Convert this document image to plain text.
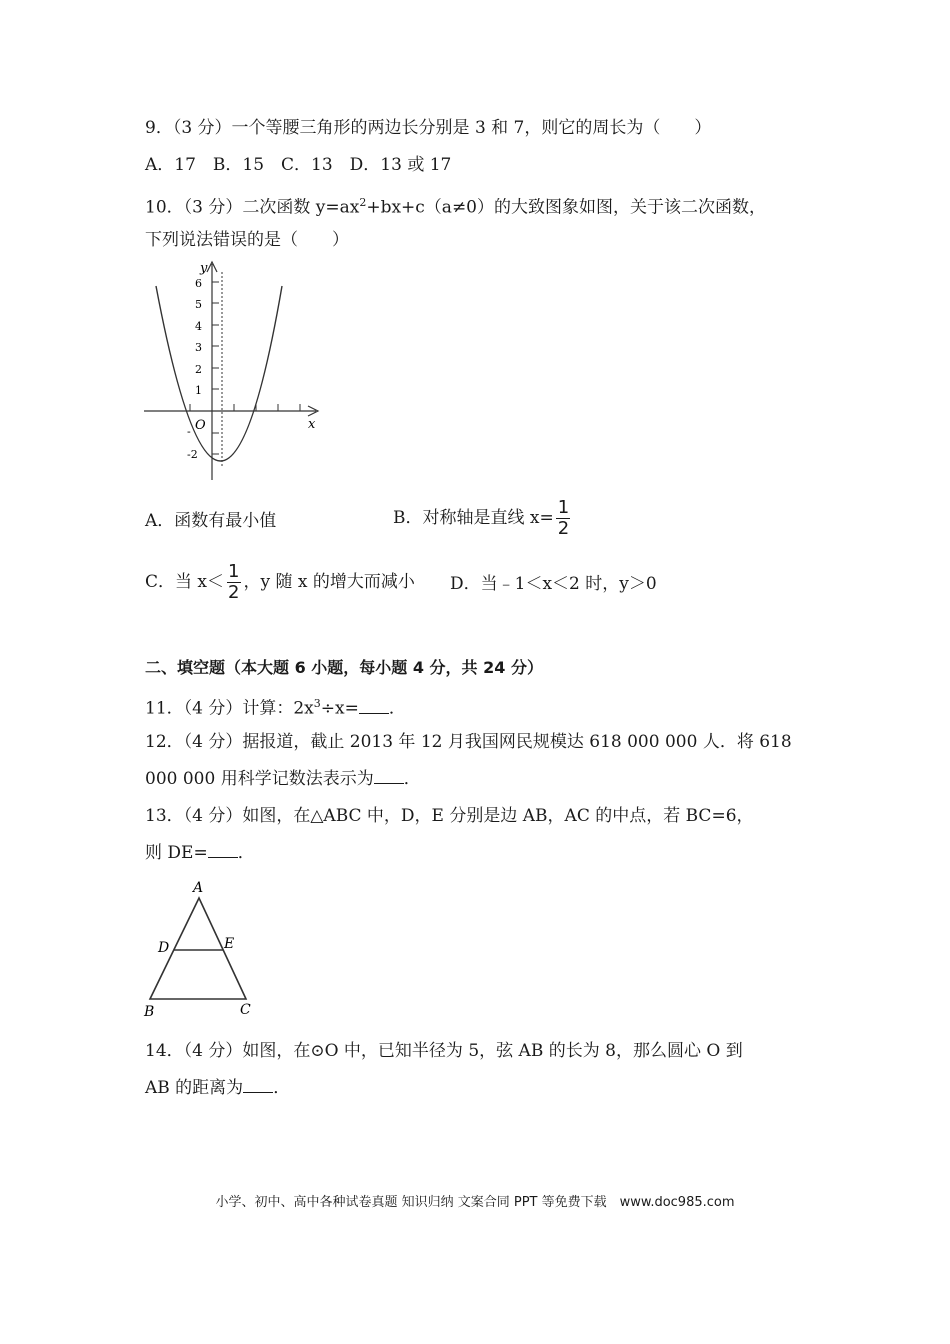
9．（3 分）一个等腰三角形的两边长分别是 3 和 7，则它的周长为（　　）
A．17　B．15　C．13　D．13 或 17
10．（3 分）二次函数 $y=ax^2+bx+c(a\ne 0)$的大致图象如图，关于该二次函数，
下列说法错误的是（　　）
6
5
4
3
2
1
-2
y
x
O
-
A．函数有最小值	B．对称轴是直线 $x= \frac{1}{2}$
C．当 $x< \frac{1}{2}$ ，y 随 x 的增大而减小 D．当﹣1＜x＜2 时，y＞0
二、填空题（本大题 6 小题，每小题 4 分，共 24 分）
11．（4 分）计算：$2x^3\div x=$ ．
12．（4 分）据报道，截止 2013 年 12 月我国网民规模达 618 000 000 人．将 618
000 000 用科学记数法表示为 ．
13．（4 分）如图，在△ABC 中，D，E 分别是边 AB，AC 的中点，若 BC=6，
则 DE= ．
A
D	E
B	C
14．（4 分）如图，在⊙O 中，已知半径为 5，弦 AB 的长为 8，那么圆心 O 到
AB 的距离为 ．
小学、初中、高中各种试卷真题 知识归纳 文案合同 PPT 等免费下载　www.doc985.com
